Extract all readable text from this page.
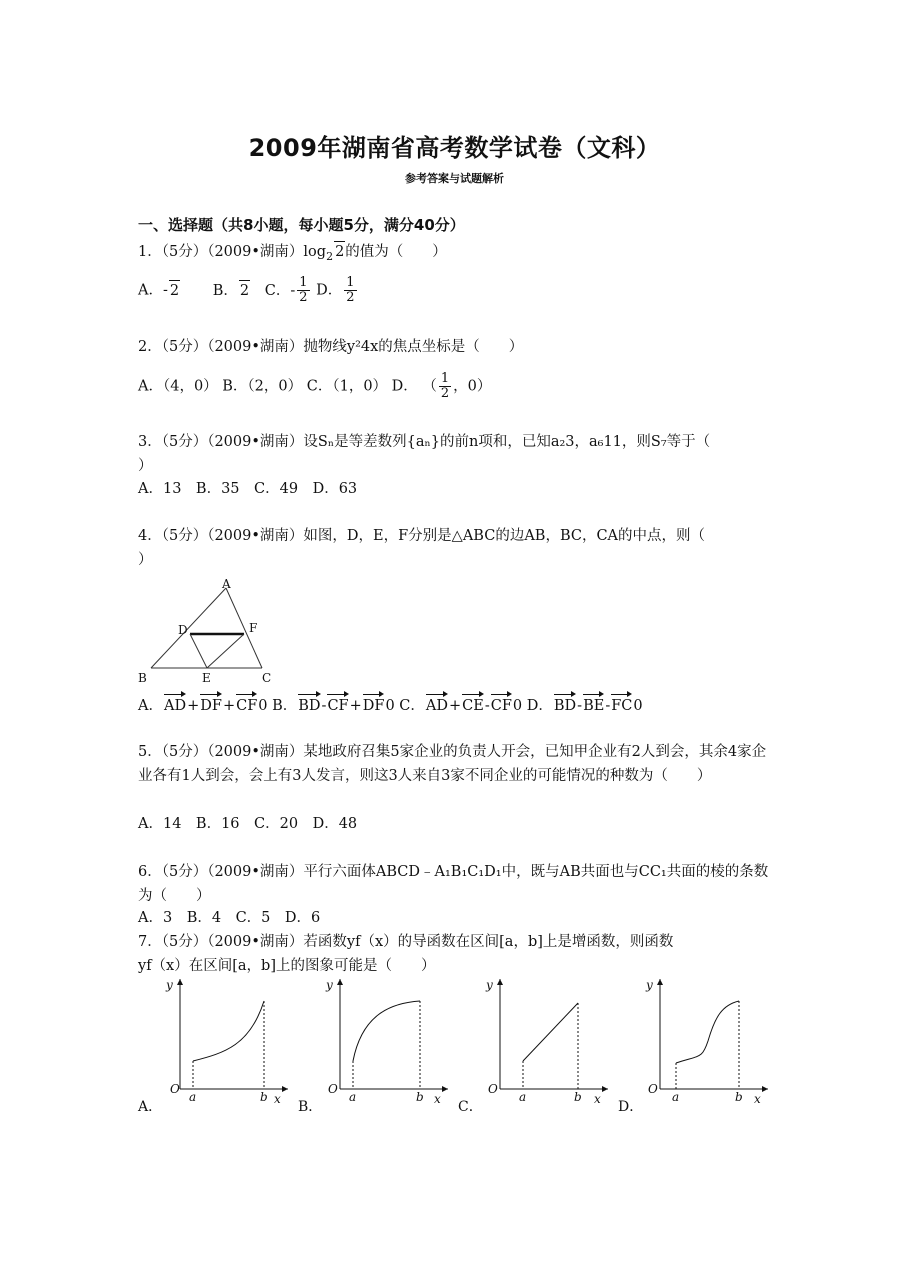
2009年湖南省高考数学试卷（文科）
参考答案与试题解析
一、选择题（共8小题，每小题5分，满分40分）
1．（5分）（2009•湖南）$\log_2$ 2的值为（　　）
A．- 2 B． 2 C．- $\frac{1}{2}$ D． $\frac{1}{2}$
2．（5分）（2009•湖南）抛物线y²4x的焦点坐标是（　　）
A．（4，0） B．（2，0） C．（1，0） D． （ $\frac{1}{2}$ ，0）
3．（5分）（2009•湖南）设Sₙ是等差数列{aₙ}的前n项和，已知a₂3，a₆11，则S₇等于（
）
A．13　B．35　C．49　D．63
4．（5分）（2009•湖南）如图，D，E，F分别是△ABC的边AB，BC，CA的中点，则（
）
A
D	F
B	E	C
A．AD+DF+CF0 B．BD-CF+DF0 C．AD+CE-CF0 D．BD-BE-FC0
5．（5分）（2009•湖南）某地政府召集5家企业的负责人开会，已知甲企业有2人到会，其余4家企业各有1人到会，会上有3人发言，则这3人来自3家不同企业的可能情况的种数为（　　）
A．14　B．16　C．20　D．48
6．（5分）（2009•湖南）平行六面体ABCD﹣A₁B₁C₁D₁中，既与AB共面也与CC₁共面的棱的条数为（　　）
A．3　B．4　C．5　D．6
7．（5分）（2009•湖南）若函数yf（x）的导函数在区间[a，b]上是增函数，则函数
yf（x）在区间[a，b]上的图象可能是（　　）
y
O
a	b x
y
O
a	b x
y
O
a	b x
y
O
a	b x
A．	B．	C．	D．
